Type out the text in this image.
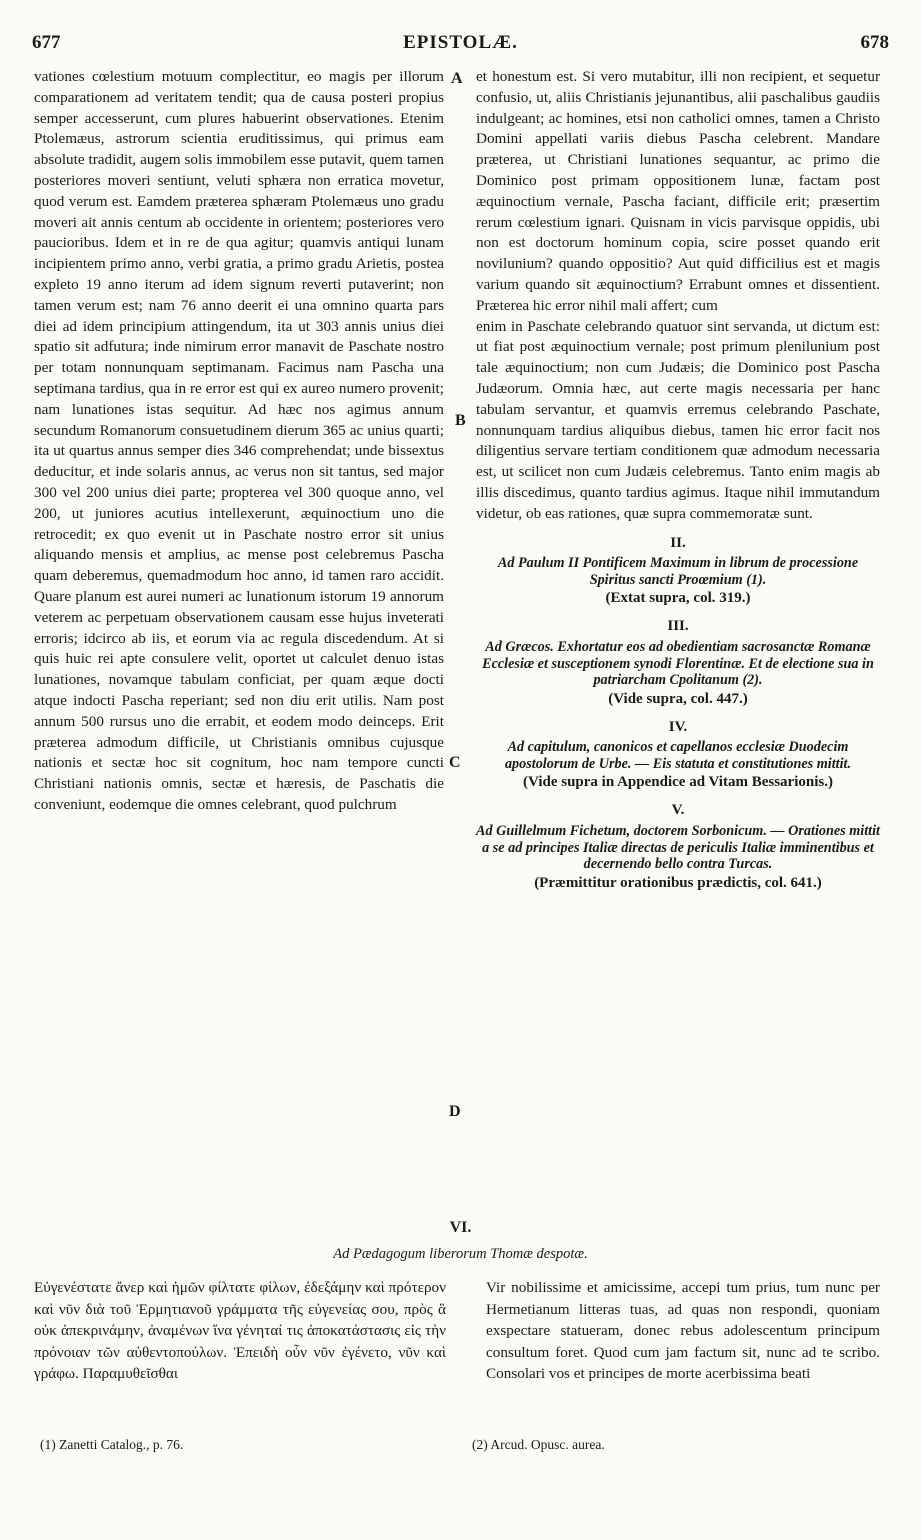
677	EPISTOLÆ.	678
A
B
C
D

vationes cœlestium motuum complectitur, eo magis per illorum comparationem ad veritatem tendit; qua de causa posteri propius semper accesserunt, cum plures habuerint observationes. Etenim Ptolemæus, astrorum scientia eruditissimus, qui primus eam absolute tradidit, augem solis immobilem esse putavit, quem tamen posteriores moveri sentiunt, veluti sphæra non erratica movetur, quod verum est. Eamdem præterea sphæram Ptolemæus uno gradu moveri ait annis centum ab occidente in orientem; posteriores vero paucioribus. Idem et in re de qua agitur; quamvis antiqui lunam incipientem primo anno, verbi gratia, a primo gradu Arietis, postea expleto 19 anno iterum ad idem signum reverti putaverint; non tamen verum est; nam 76 anno deerit ei una omnino quarta pars diei ad idem principium attingendum, ita ut 303 annis unius diei spatio sit adfutura; inde nimirum error manavit de Paschate nostro per totam nonnunquam septimanam. Facimus nam Pascha una septimana tardius, qua in re error est qui ex aureo numero provenit; nam lunationes istas sequitur. Ad hæc nos agimus annum secundum Romanorum consuetudinem dierum 365 ac unius quarti; ita ut quartus annus semper dies 346 comprehendat; unde bissextus deducitur, et inde solaris annus, ac verus non sit tantus, sed major 300 vel 200 unius diei parte; propterea vel 300 quoque anno, vel 200, ut juniores acutius intellexerunt, æquinoctium uno die retrocedit; ex quo evenit ut in Paschate nostro error sit unius aliquando mensis et amplius, ac mense post celebremus Pascha quam deberemus, quemadmodum hoc anno, id tamen raro accidit. Quare planum est aurei numeri ac lunationum istorum 19 annorum veterem ac perpetuam observationem causam esse hujus inveterati erroris; idcirco ab iis, et eorum via ac regula discedendum. At si quis huic rei apte consulere velit, oportet ut calculet denuo istas lunationes, novamque tabulam conficiat, per quam æque docti atque indocti Pascha reperiant; sed non diu erit utilis. Nam post annum 500 rursus uno die errabit, et eodem modo deinceps. Erit præterea admodum difficile, ut Christianis omnibus cujusque nationis et sectæ hoc sit cognitum, hoc nam tempore cuncti Christiani nationis omnis, sectæ et hæresis, de Paschatis die conveniunt, eodemque die omnes celebrant, quod pulchrum

et honestum est. Si vero mutabitur, illi non recipient, et sequetur confusio, ut, aliis Christianis jejunantibus, alii paschalibus gaudiis indulgeant; ac homines, etsi non catholici omnes, tamen a Christo Domini appellati variis diebus Pascha celebrent. Mandare præterea, ut Christiani lunationes sequantur, ac primo die Dominico post primam oppositionem lunæ, factam post æquinoctium vernale, Pascha faciant, difficile erit; præsertim rerum cœlestium ignari. Quisnam in vicis parvisque oppidis, ubi non est doctorum hominum copia, scire posset quando erit novilunium? quando oppositio? Aut quid difficilius est et magis varium quando sit æquinoctium? Errabunt omnes et dissentient. Præterea hic error nihil mali affert; cum

enim in Paschate celebrando quatuor sint servanda, ut dictum est: ut fiat post æquinoctium vernale; post primum plenilunium post tale æquinoctium; non cum Judæis; die Dominico post Pascha Judæorum. Omnia hæc, aut certe magis necessaria per hanc tabulam servantur, et quamvis erremus celebrando Paschate, nonnunquam tardius aliquibus diebus, tamen hic error facit nos diligentius servare tertiam conditionem quæ admodum necessaria est, ut scilicet non cum Judæis celebremus. Tanto enim magis ab illis discedimus, quanto tardius agimus. Itaque nihil immutandum videtur, ob eas rationes, quæ supra commemoratæ sunt.

II.
Ad Paulum II Pontificem Maximum in librum de processione Spiritus sancti Proœmium (1).
(Extat supra, col. 319.)
III.
Ad Græcos. Exhortatur eos ad obedientiam sacrosanctæ Romanæ Ecclesiæ et susceptionem synodi Florentinæ. Et de electione sua in patriarcham Cpolitanum (2).
(Vide supra, col. 447.)
IV.
Ad capitulum, canonicos et capellanos ecclesiæ Duodecim apostolorum de Urbe. — Eis statuta et constitutiones mittit.
(Vide supra in Appendice ad Vitam Bessarionis.)
V.
Ad Guillelmum Fichetum, doctorem Sorbonicum. — Orationes mittit a se ad principes Italiæ directas de periculis Italiæ imminentibus et decernendo bello contra Turcas.
(Præmittitur orationibus prædictis, col. 641.)
VI.
Ad Pædagogum liberorum Thomæ despotæ.
Εὐγενέστατε ἄνερ καὶ ἡμῶν φίλτατε φίλων, ἐδεξάμην καὶ πρότερον καὶ νῦν διὰ τοῦ Ἑρμητιανοῦ γράμματα τῆς εὐγενείας σου, πρὸς ἃ οὐκ ἀπεκρινάμην, ἀναμένων ἵνα γένηταί τις ἀποκατάστασις εἰς τὴν πρόνοιαν τῶν αὐθεντοπούλων. Ἐπειδὴ οὖν νῦν ἐγένετο, νῦν καὶ γράφω. Παραμυθεῖσθαι
Vir nobilissime et amicissime, accepi tum prius, tum nunc per Hermetianum litteras tuas, ad quas non respondi, quoniam exspectare statueram, donec rebus adolescentum principum consultum foret. Quod cum jam factum sit, nunc ad te scribo. Consolari vos et principes de morte acerbissima beati
(1) Zanetti Catalog., p. 76.	(2) Arcud. Opusc. aurea.
